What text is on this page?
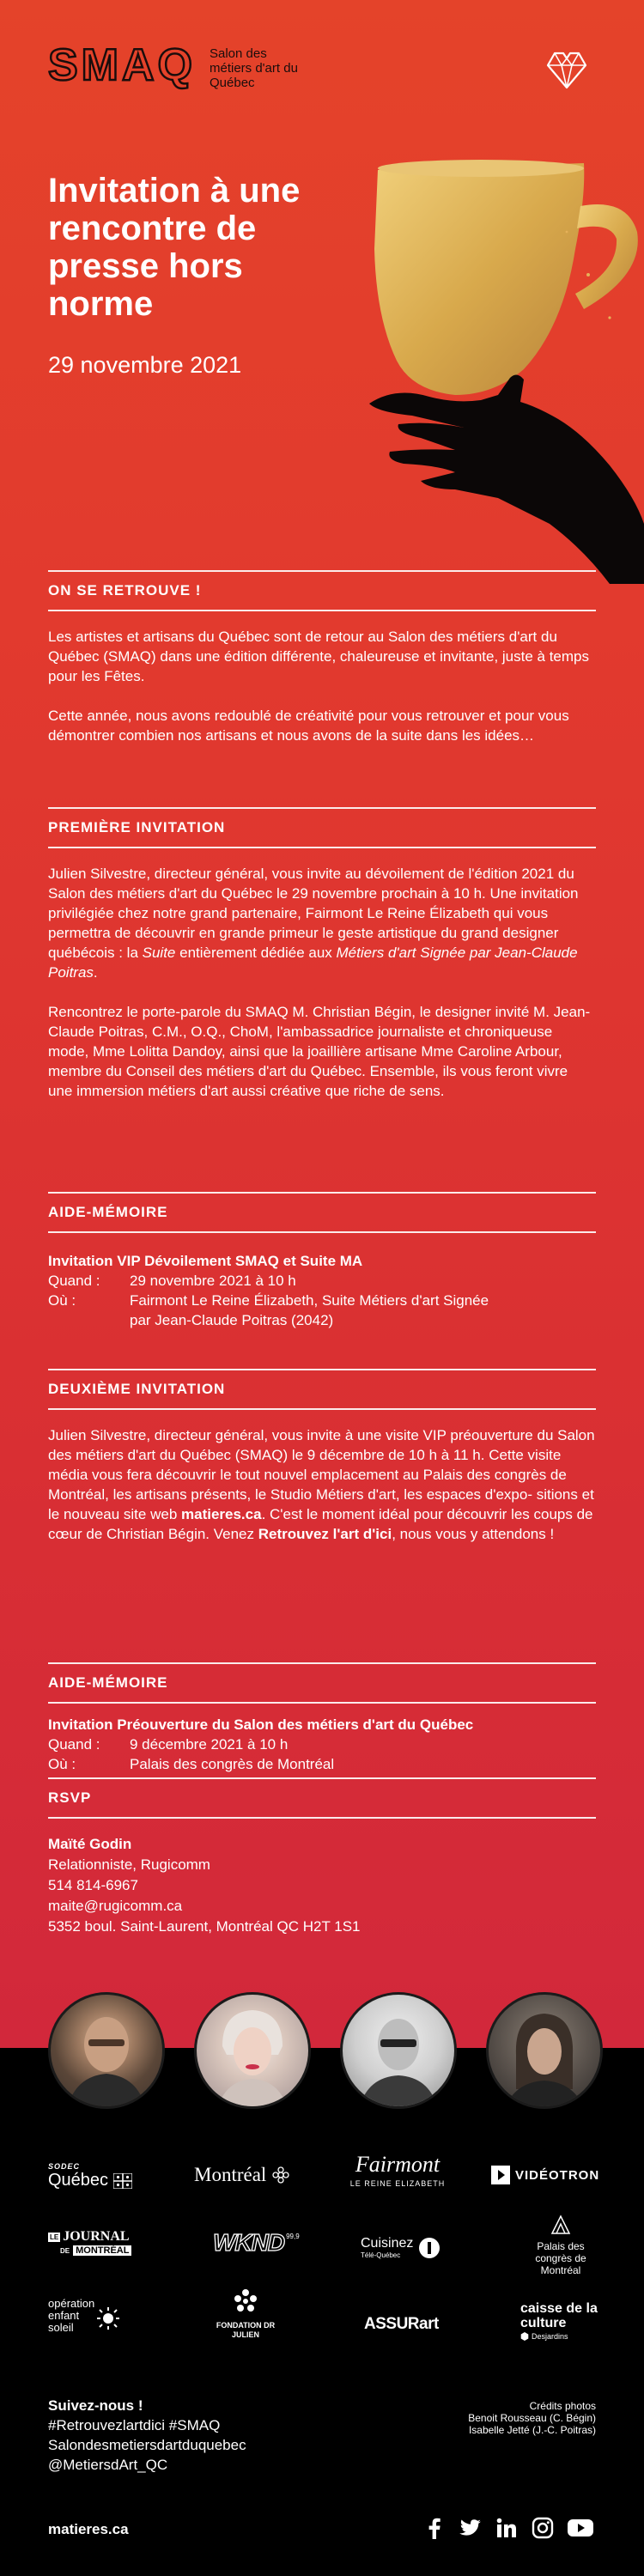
SMAQ Salon des métiers d'art du Québec
Invitation à une rencontre de presse hors norme
29 novembre 2021
ON SE RETROUVE !

Les artistes et artisans du Québec sont de retour au Salon des métiers d'art du Québec (SMAQ) dans une édition différente, chaleureuse et invitante, juste à temps pour les Fêtes.

Cette année, nous avons redoublé de créativité pour vous retrouver et pour vous démontrer combien nos artisans et nous avons de la suite dans les idées…

PREMIÈRE INVITATION

Julien Silvestre, directeur général, vous invite au dévoilement de l'édition 2021 du Salon des métiers d'art du Québec le 29 novembre prochain à 10 h. Une invitation privilégiée chez notre grand partenaire, Fairmont Le Reine Élizabeth qui vous permettra de découvrir en grande primeur le geste artistique du grand designer québécois : la Suite entièrement dédiée aux Métiers d'art Signée par Jean-Claude Poitras.

Rencontrez le porte-parole du SMAQ M. Christian Bégin, le designer invité M. Jean-Claude Poitras, C.M., O.Q., ChoM, l'ambassadrice journaliste et chroniqueuse mode, Mme Lolitta Dandoy, ainsi que la joaillière artisane Mme Caroline Arbour, membre du Conseil des métiers d'art du Québec. Ensemble, ils vous feront vivre une immersion métiers d'art aussi créative que riche de sens.

AIDE-MÉMOIRE
Invitation VIP Dévoilement SMAQ et Suite MA
Quand :	29 novembre 2021 à 10 h
Où :	Fairmont Le Reine Élizabeth, Suite Métiers d'art Signée par Jean-Claude Poitras (2042)
DEUXIÈME INVITATION

Julien Silvestre, directeur général, vous invite à une visite VIP préouverture du Salon des métiers d'art du Québec (SMAQ) le 9 décembre de 10 h à 11 h. Cette visite média vous fera découvrir le tout nouvel emplacement au Palais des congrès de Montréal, les artisans présents, le Studio Métiers d'art, les espaces d'expo- sitions et le nouveau site web matieres.ca. C'est le moment idéal pour découvrir les coups de cœur de Christian Bégin. Venez Retrouvez l'art d'ici, nous vous y attendons !

AIDE-MÉMOIRE
Invitation Préouverture du Salon des métiers d'art du Québec
Quand :	9 décembre 2021 à 10 h
Où :	Palais des congrès de Montréal
RSVP
Maïté Godin
Relationniste, Rugicomm
514 814-6967
maite@rugicomm.ca
5352 boul. Saint-Laurent, Montréal QC H2T 1S1
SODEC
Québec	Montréal	Fairmont
LE REINE ELIZABETH
VIDÉOTRON
LE JOURNAL
DE MONTRÉAL	WKND 99,9	Cuisinez
Télé-Québec
Palais des congrès de Montréal
opération enfant soleil	FONDATION DR JULIEN
ASSURart
caisse de la culture
Desjardins
Suivez-nous !
#Retrouvezlartdici #SMAQ
Salondesmetiersdartduquebec
@MetiersdArt_QC
Crédits photos
Benoit Rousseau (C. Bégin)
Isabelle Jetté (J.-C. Poitras)
matieres.ca
